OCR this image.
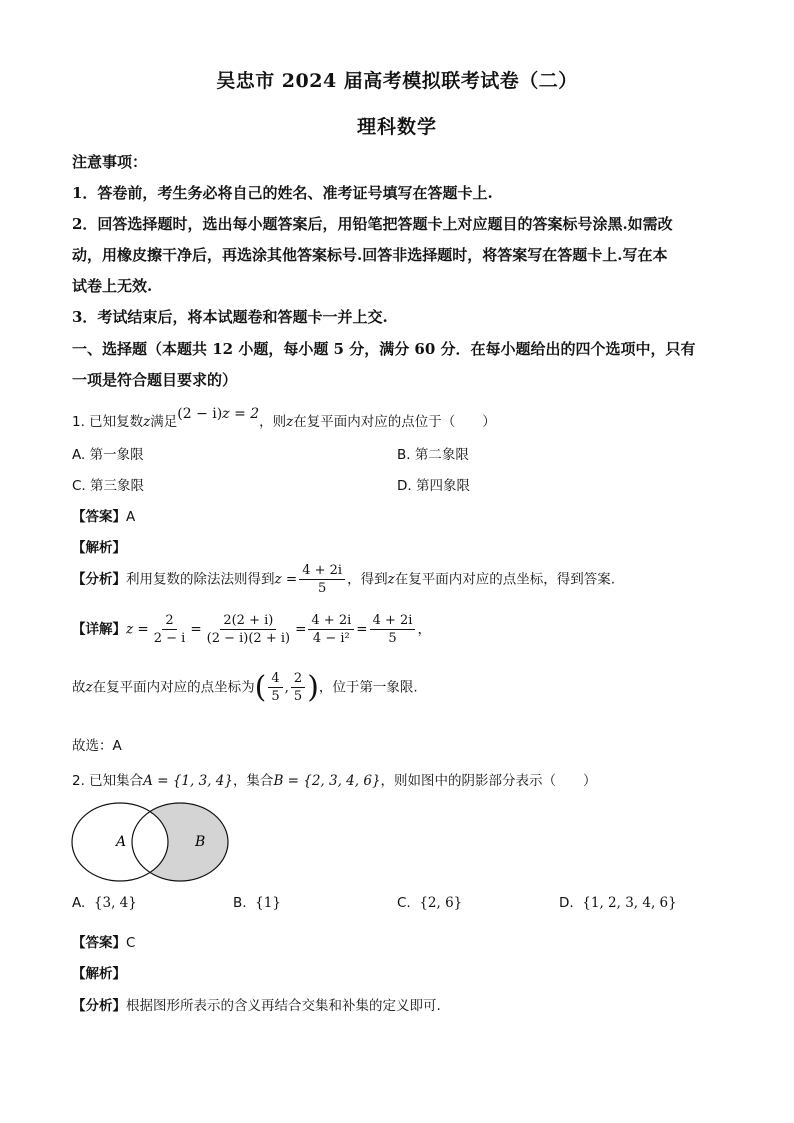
吴忠市 2024 届高考模拟联考试卷（二）
理科数学
注意事项：
1．答卷前，考生务必将自己的姓名、准考证号填写在答题卡上.
2．回答选择题时，选出每小题答案后，用铅笔把答题卡上对应题目的答案标号涂黑.如需改
动，用橡皮擦干净后，再选涂其他答案标号.回答非选择题时，将答案写在答题卡上.写在本
试卷上无效.
3．考试结束后，将本试题卷和答题卡一并上交.
一、选择题（本题共 12 小题，每小题 5 分，满分 60 分．在每小题给出的四个选项中，只有
一项是符合题目要求的）
1. 已知复数z满足(2 − i)z = 2，则z在复平面内对应的点位于（　　）
A. 第一象限	B. 第二象限
C. 第三象限	D. 第四象限
【答案】A
【解析】
【分析】利用复数的除法法则得到$z = \frac{4 + 2i}{5}$ ，得到z在复平面内对应的点坐标，得到答案.
【详解】$z = \frac{2}{2 - i} = \frac{2(2 + i)}{(2 - i)(2 + i)} = \frac{4 + 2i}{\text{4 − i²}} = \frac{4 + 2i}{5}$ ，
故z在复平面内对应的点坐标为( $\frac{4}{5}$ , $\frac{2}{5}$ )，位于第一象限.
故选：A
2. 已知集合A = {1, 3, 4}，集合B = {2, 3, 4, 6}，则如图中的阴影部分表示（　　）
A	B
A. {3, 4}	B. {1}	C. {2, 6}	D. {1, 2, 3, 4, 6}
【答案】C
【解析】
【分析】根据图形所表示的含义再结合交集和补集的定义即可.
